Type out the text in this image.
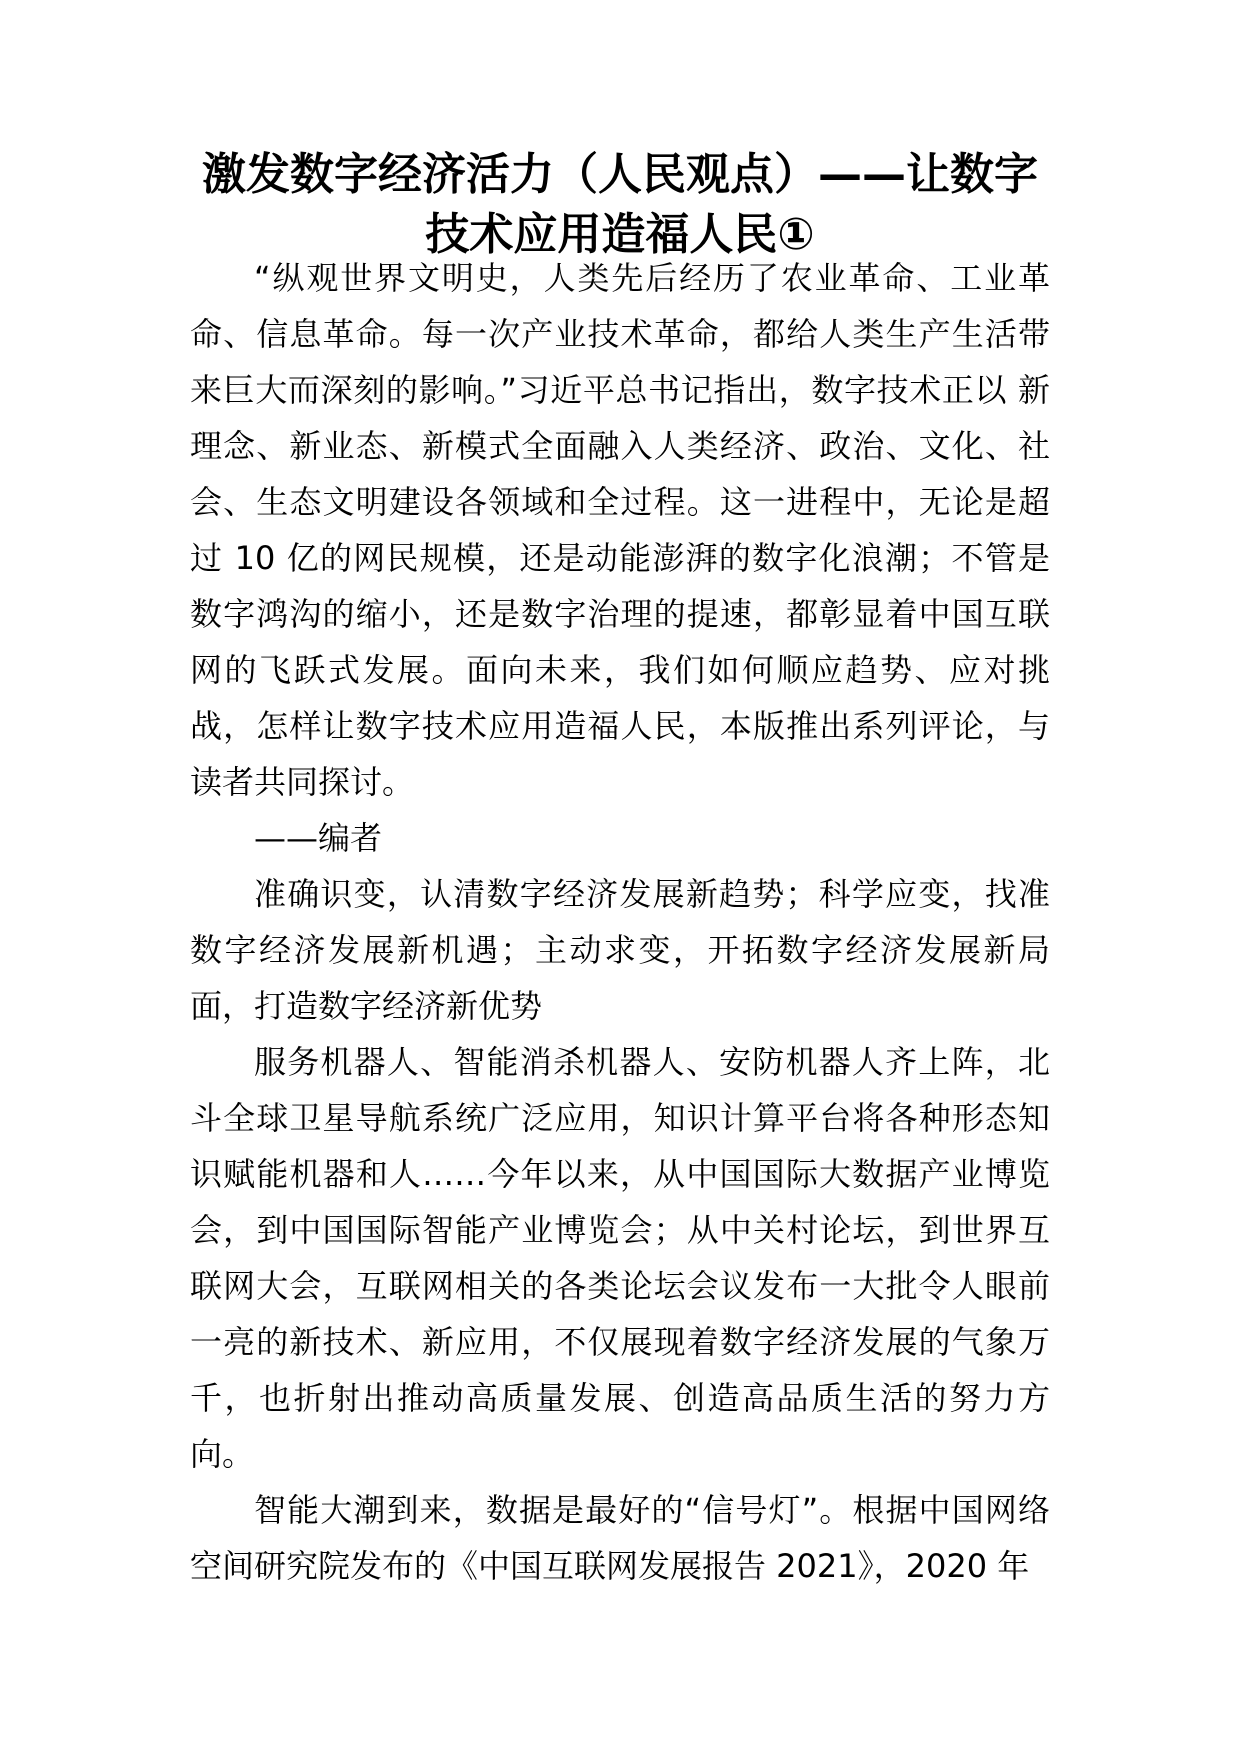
激发数字经济活力（人民观点）——让数字
技术应用造福人民①

“纵观世界文明史，人类先后经历了农业革命、工业革命、信息革命。每一次产业技术革命，都给人类生产生活带来巨大而深刻的影响。”习近平总书记指出，数字技术正以 新理念、新业态、新模式全面融入人类经济、政治、文化、社会、生态文明建设各领域和全过程。这一进程中，无论是超过 10 亿的网民规模，还是动能澎湃的数字化浪潮；不管是数字鸿沟的缩小，还是数字治理的提速，都彰显着中国互联网的飞跃式发展。面向未来，我们如何顺应趋势、应对挑战，怎样让数字技术应用造福人民，本版推出系列评论，与读者共同探讨。

——编者

准确识变，认清数字经济发展新趋势；科学应变，找准数字经济发展新机遇；主动求变，开拓数字经济发展新局面，打造数字经济新优势

服务机器人、智能消杀机器人、安防机器人齐上阵，北斗全球卫星导航系统广泛应用，知识计算平台将各种形态知识赋能机器和人……今年以来，从中国国际大数据产业博览会，到中国国际智能产业博览会；从中关村论坛，到世界互联网大会，互联网相关的各类论坛会议发布一大批令人眼前一亮的新技术、新应用，不仅展现着数字经济发展的气象万千，也折射出推动高质量发展、创造高品质生活的努力方向。

智能大潮到来，数据是最好的“信号灯”。根据中国网络空间研究院发布的《中国互联网发展报告 2021》，2020 年
